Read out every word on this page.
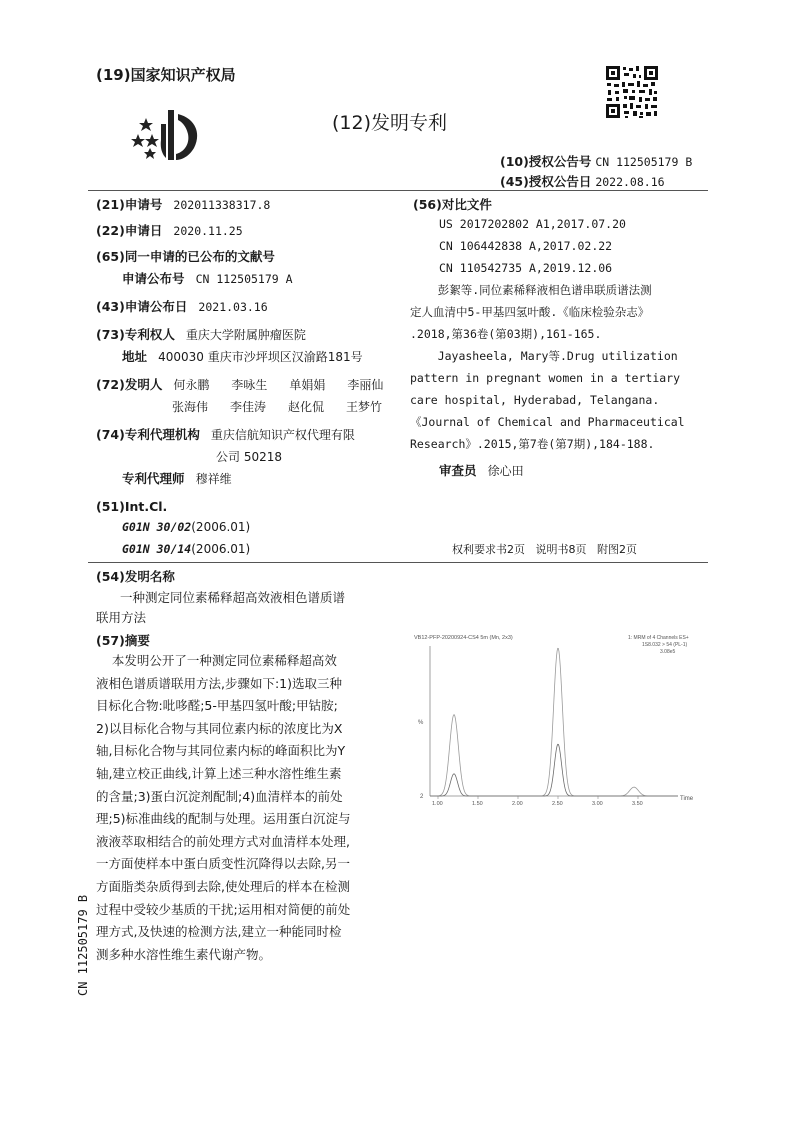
(19)国家知识产权局
(12)发明专利
(10)授权公告号 CN 112505179 B
(45)授权公告日 2022.08.16
(21)申请号 202011338317.8
(22)申请日 2020.11.25
(65)同一申请的已公布的文献号
申请公布号 CN 112505179 A
(43)申请公布日 2021.03.16
(73)专利权人 重庆大学附属肿瘤医院
地址 400030 重庆市沙坪坝区汉渝路181号
(72)发明人 何永鹏 李咏生 单娟娟 李丽仙
张海伟 李佳涛 赵化侃 王梦竹
(74)专利代理机构 重庆信航知识产权代理有限
公司 50218
专利代理师 穆祥维
(51)Int.Cl.
G01N 30/02(2006.01)
G01N 30/14(2006.01)
(56)对比文件
US 2017202802 A1,2017.07.20
CN 106442838 A,2017.02.22
CN 110542735 A,2019.12.06
彭絮等.同位素稀释液相色谱串联质谱法测
定人血清中5-甲基四氢叶酸.《临床检验杂志》
.2018,第36卷(第03期),161-165.
Jayasheela, Mary等.Drug utilization
pattern in pregnant women in a tertiary
care hospital, Hyderabad, Telangana.
《Journal of Chemical and Pharmaceutical
Research》.2015,第7卷(第7期),184-188.
审查员 徐心田
权利要求书2页   说明书8页   附图2页
(54)发明名称
一种测定同位素稀释超高效液相色谱质谱
联用方法
(57)摘要
本发明公开了一种测定同位素稀释超高效
液相色谱质谱联用方法,步骤如下:1)选取三种
目标化合物:吡哆醛;5-甲基四氢叶酸;甲钴胺;
2)以目标化合物与其同位素内标的浓度比为X
轴,目标化合物与其同位素内标的峰面积比为Y
轴,建立校正曲线,计算上述三种水溶性维生素
的含量;3)蛋白沉淀剂配制;4)血清样本的前处
理;5)标准曲线的配制与处理。运用蛋白沉淀与
液液萃取相结合的前处理方式对血清样本处理,
一方面使样本中蛋白质变性沉降得以去除,另一
方面脂类杂质得到去除,使处理后的样本在检测
过程中受较少基质的干扰;运用相对简便的前处
理方式,及快速的检测方法,建立一种能同时检
测多种水溶性维生素代谢产物。
CN 112505179 B
VB12-PFP-20200924-CS4 5m (Mn, 2x3)	1: MRM of 4 Channels ES+
1S8.032 > 54 (PL-1)
3.08e5
%
2	Time
1.00	1.50	2.00	2.50	3.00	3.50
